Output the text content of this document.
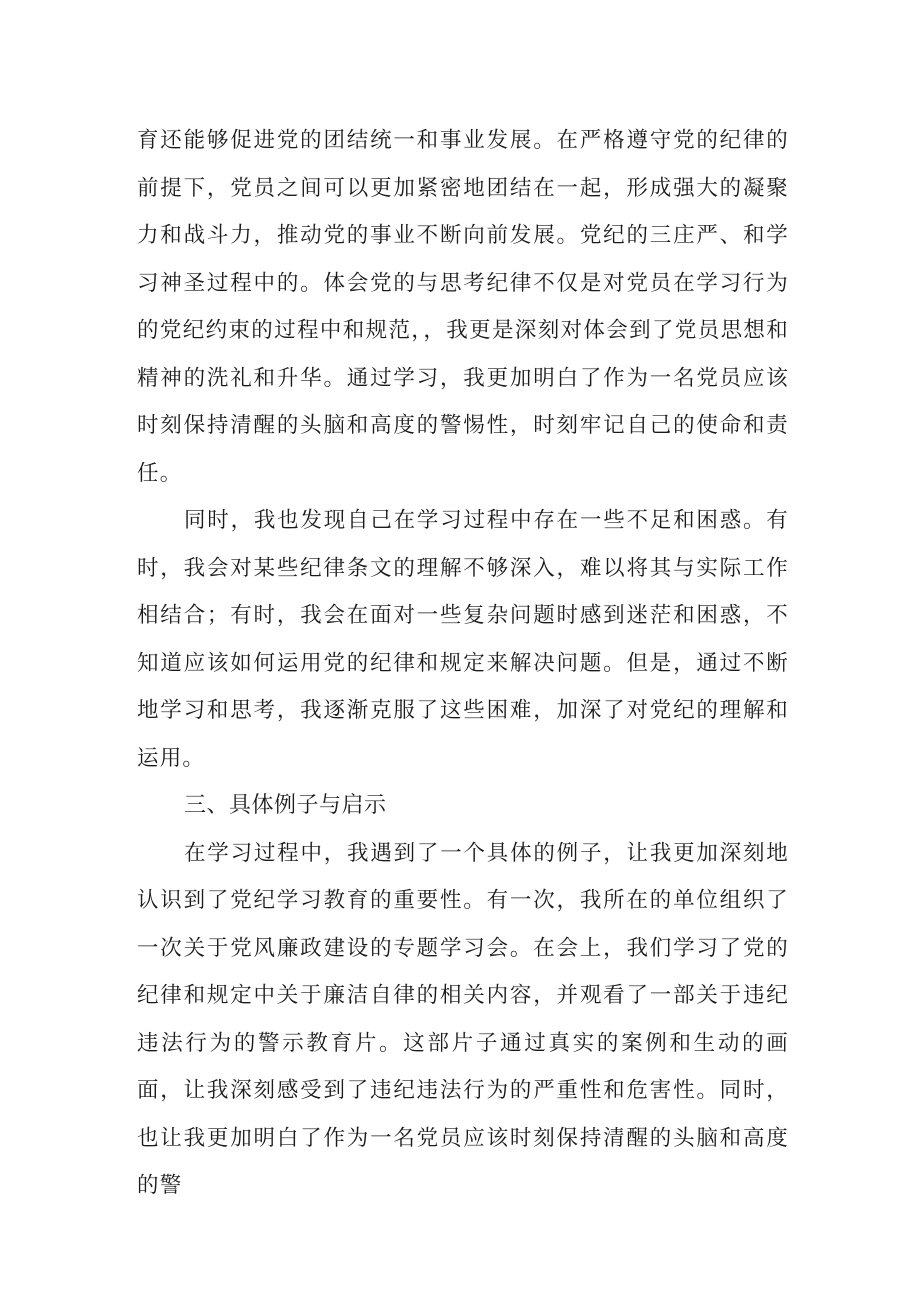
育还能够促进党的团结统一和事业发展。在严格遵守党的纪律的前提下，党员之间可以更加紧密地团结在一起，形成强大的凝聚力和战斗力，推动党的事业不断向前发展。党纪的三庄严、和学习神圣过程中的。体会党的与思考纪律不仅是对党员在学习行为的党纪约束的过程中和规范，，我更是深刻对体会到了党员思想和精神的洗礼和升华。通过学习，我更加明白了作为一名党员应该时刻保持清醒的头脑和高度的警惕性，时刻牢记自己的使命和责任。

同时，我也发现自己在学习过程中存在一些不足和困惑。有时，我会对某些纪律条文的理解不够深入，难以将其与实际工作相结合；有时，我会在面对一些复杂问题时感到迷茫和困惑，不知道应该如何运用党的纪律和规定来解决问题。但是，通过不断地学习和思考，我逐渐克服了这些困难，加深了对党纪的理解和运用。

三、具体例子与启示

在学习过程中，我遇到了一个具体的例子，让我更加深刻地认识到了党纪学习教育的重要性。有一次，我所在的单位组织了一次关于党风廉政建设的专题学习会。在会上，我们学习了党的纪律和规定中关于廉洁自律的相关内容，并观看了一部关于违纪违法行为的警示教育片。这部片子通过真实的案例和生动的画面，让我深刻感受到了违纪违法行为的严重性和危害性。同时，也让我更加明白了作为一名党员应该时刻保持清醒的头脑和高度的警
